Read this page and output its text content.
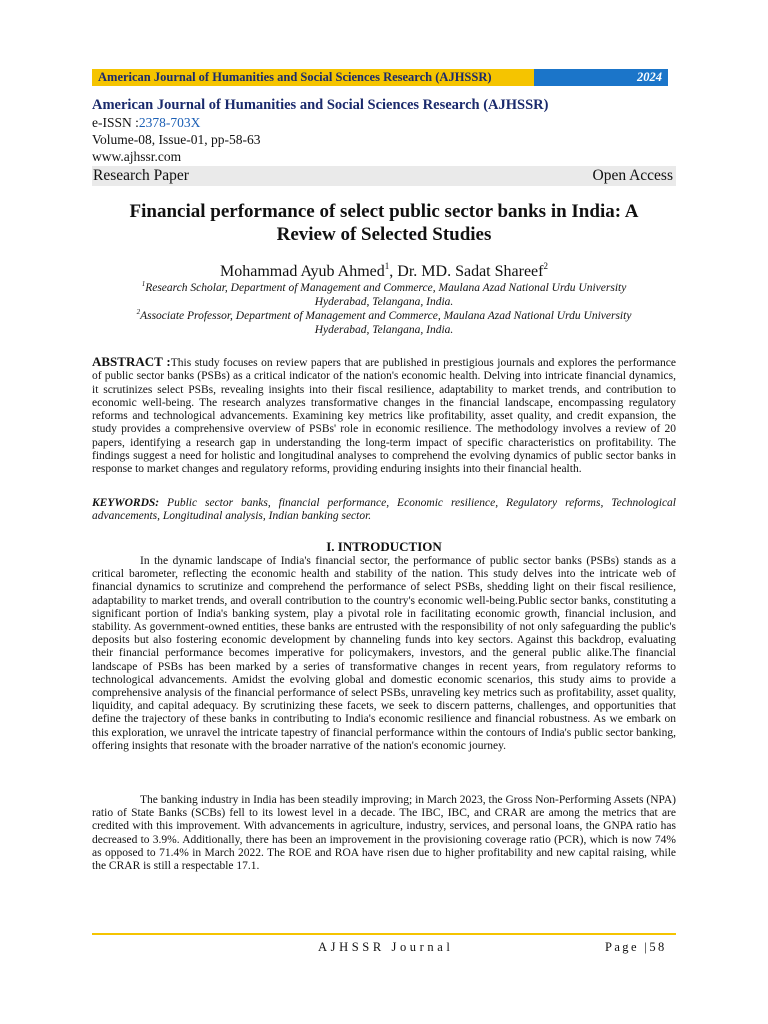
American Journal of Humanities and Social Sciences Research (AJHSSR)	2024
American Journal of Humanities and Social Sciences Research (AJHSSR)
e-ISSN :2378-703X
Volume-08, Issue-01, pp-58-63
www.ajhssr.com
Research Paper	Open Access
Financial performance of select public sector banks in India: A
Review of Selected Studies
Mohammad Ayub Ahmed$^1$, Dr. MD. Sadat Shareef$^2$
$^1$Research Scholar, Department of Management and Commerce, Maulana Azad National Urdu University
Hyderabad, Telangana, India.
$^2$Associate Professor, Department of Management and Commerce, Maulana Azad National Urdu University
Hyderabad, Telangana, India.
ABSTRACT :This study focuses on review papers that are published in prestigious journals and explores the performance of public sector banks (PSBs) as a critical indicator of the nation's economic health. Delving into intricate financial dynamics, it scrutinizes select PSBs, revealing insights into their fiscal resilience, adaptability to market trends, and contribution to economic well-being. The research analyzes transformative changes in the financial landscape, encompassing regulatory reforms and technological advancements. Examining key metrics like profitability, asset quality, and credit expansion, the study provides a comprehensive overview of PSBs' role in economic resilience. The methodology involves a review of 20 papers, identifying a research gap in understanding the long-term impact of specific characteristics on profitability. The findings suggest a need for holistic and longitudinal analyses to comprehend the evolving dynamics of public sector banks in response to market changes and regulatory reforms, providing enduring insights into their financial health.
KEYWORDS: Public sector banks, financial performance, Economic resilience, Regulatory reforms, Technological advancements, Longitudinal analysis, Indian banking sector.
I. INTRODUCTION
In the dynamic landscape of India's financial sector, the performance of public sector banks (PSBs) stands as a critical barometer, reflecting the economic health and stability of the nation. This study delves into the intricate web of financial dynamics to scrutinize and comprehend the performance of select PSBs, shedding light on their fiscal resilience, adaptability to market trends, and overall contribution to the country's economic well-being.Public sector banks, constituting a significant portion of India's banking system, play a pivotal role in facilitating economic growth, financial inclusion, and stability. As government-owned entities, these banks are entrusted with the responsibility of not only safeguarding the public's deposits but also fostering economic development by channeling funds into key sectors. Against this backdrop, evaluating their financial performance becomes imperative for policymakers, investors, and the general public alike.The financial landscape of PSBs has been marked by a series of transformative changes in recent years, from regulatory reforms to technological advancements. Amidst the evolving global and domestic economic scenarios, this study aims to provide a comprehensive analysis of the financial performance of select PSBs, unraveling key metrics such as profitability, asset quality, liquidity, and capital adequacy. By scrutinizing these facets, we seek to discern patterns, challenges, and opportunities that define the trajectory of these banks in contributing to India's economic resilience and financial robustness. As we embark on this exploration, we unravel the intricate tapestry of financial performance within the contours of India's public sector banking, offering insights that resonate with the broader narrative of the nation's economic journey.
The banking industry in India has been steadily improving; in March 2023, the Gross Non-Performing Assets (NPA) ratio of State Banks (SCBs) fell to its lowest level in a decade. The IBC, IBC, and CRAR are among the metrics that are credited with this improvement. With advancements in agriculture, industry, services, and personal loans, the GNPA ratio has decreased to 3.9%. Additionally, there has been an improvement in the provisioning coverage ratio (PCR), which is now 74% as opposed to 71.4% in March 2022. The ROE and ROA have risen due to higher profitability and new capital raising, while the CRAR is still a respectable 17.1.
AJHSSR Journal	Page |58
